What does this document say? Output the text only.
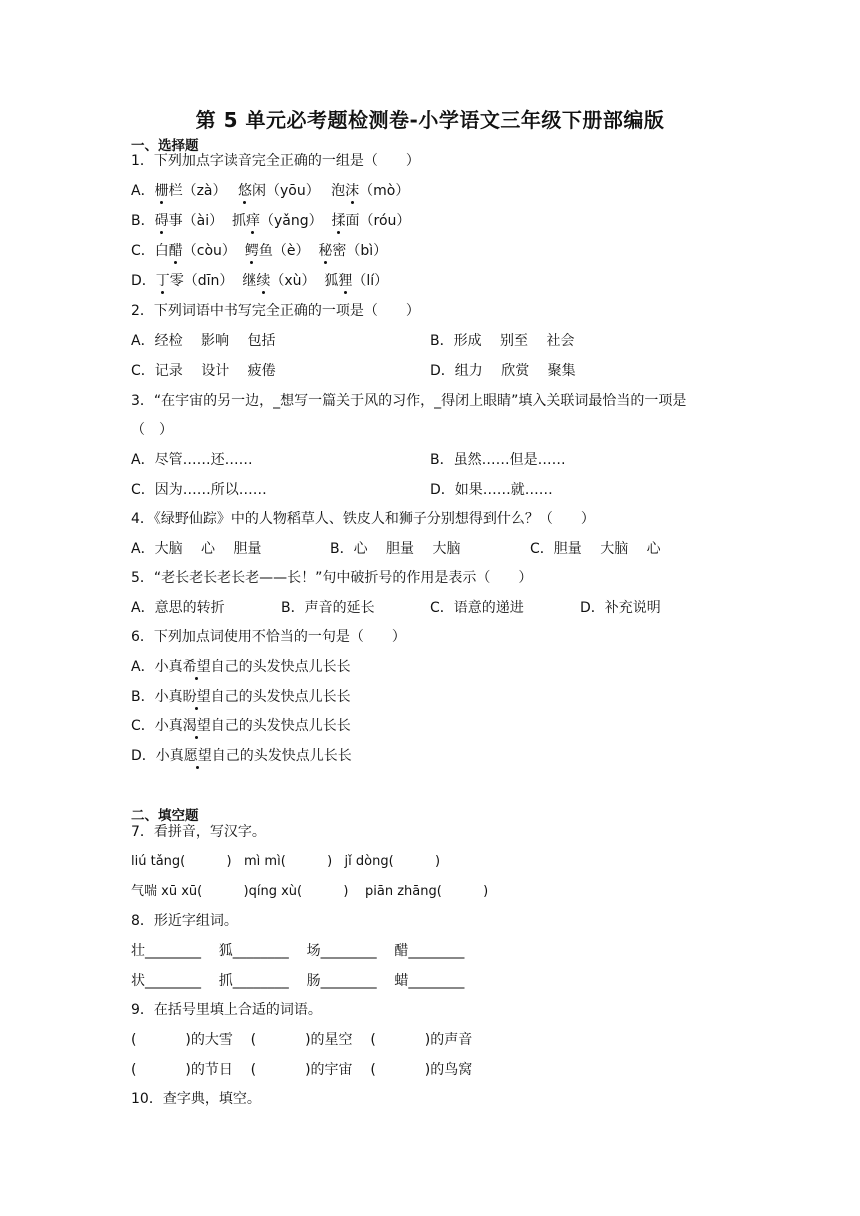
第 5 单元必考题检测卷-小学语文三年级下册部编版
一、选择题
1．下列加点字读音完全正确的一组是（　　）
A．栅栏（zà）　 悠闲（yōu）　 泡沫（mò）
B．碍事（ài）  抓痒（yǎng）  揉面（róu）
C．白醋（còu）  鳄鱼（è）  秘密（bì）
D．丁零（dīn）  继续（xù）  狐狸（lí）
2．下列词语中书写完全正确的一项是（　　）
A．经检　 影响　 包括	B．形成　 别至　 社会
C．记录　 设计　 疲倦	D．组力　 欣赏　 聚集
3．“在宇宙的另一边，_想写一篇关于风的习作，_得闭上眼睛”填入关联词最恰当的一项是
（　）
A．尽管……还……	B．虽然……但是……
C．因为……所以……	D．如果……就……
4．《绿野仙踪》中的人物稻草人、铁皮人和狮子分别想得到什么？（　　）
A．大脑　 心　 胆量	B．心　 胆量　 大脑	C．胆量　 大脑　 心
5．“老长老长老长老——长！”句中破折号的作用是表示（　　）
A．意思的转折	B．声音的延长	C．语意的递进	D．补充说明
6．下列加点词使用不恰当的一句是（　　）
A．小真希望自己的头发快点儿长长
B．小真盼望自己的头发快点儿长长
C．小真渴望自己的头发快点儿长长
D．小真愿望自己的头发快点儿长长
二、填空题
7．看拼音，写汉字。
liú tǎng(          )   mì mì(          )   jǐ dòng(          )
气喘 xū xū(          )qíng xù(          )    piān zhāng(          )
8．形近字组词。
壮________    狐________    场________    醋________
状________    抓________    肠________    蜡________
9．在括号里填上合适的词语。
(           )的大雪    (           )的星空    (           )的声音
(           )的节日    (           )的宇宙    (           )的鸟窝
10．查字典，填空。
